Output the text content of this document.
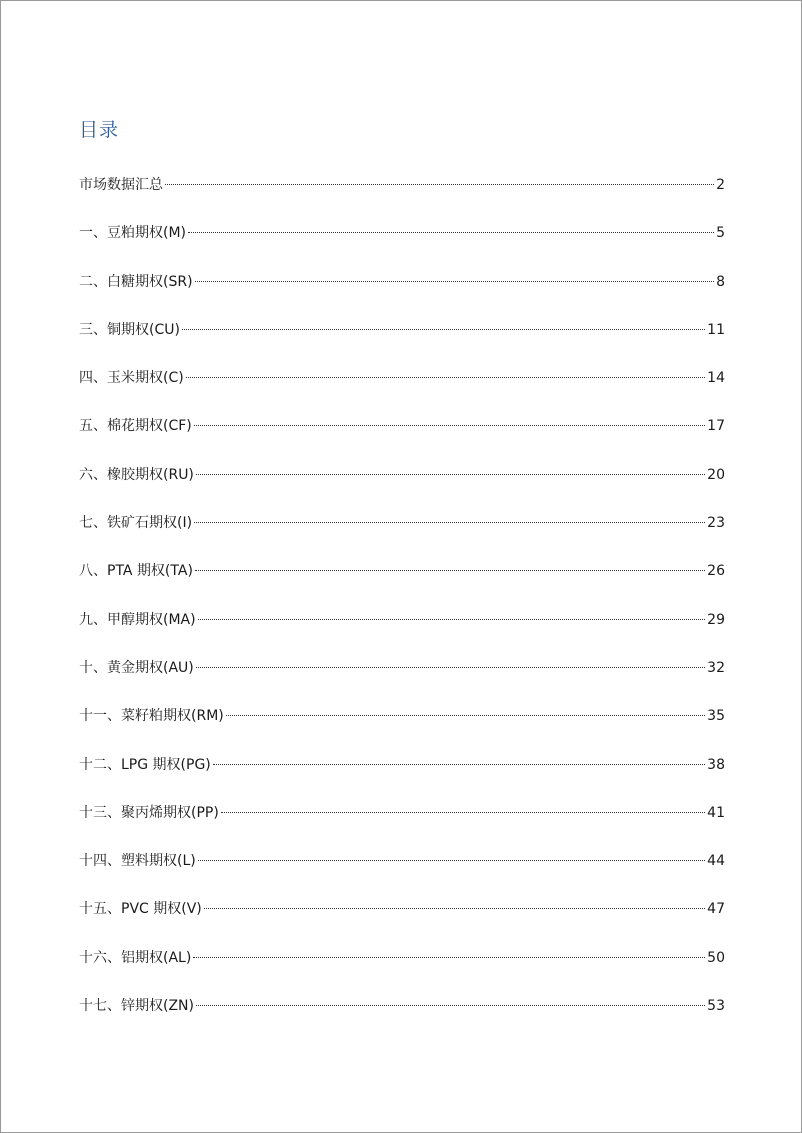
目录
市场数据汇总	2
一、豆粕期权(M)	5
二、白糖期权(SR)	8
三、铜期权(CU)	11
四、玉米期权(C)	14
五、棉花期权(CF)	17
六、橡胶期权(RU)	20
七、铁矿石期权(I)	23
八、PTA 期权(TA)	26
九、甲醇期权(MA)	29
十、黄金期权(AU)	32
十一、菜籽粕期权(RM)	35
十二、LPG 期权(PG)	38
十三、聚丙烯期权(PP)	41
十四、塑料期权(L)	44
十五、PVC 期权(V)	47
十六、铝期权(AL)	50
十七、锌期权(ZN)	53
